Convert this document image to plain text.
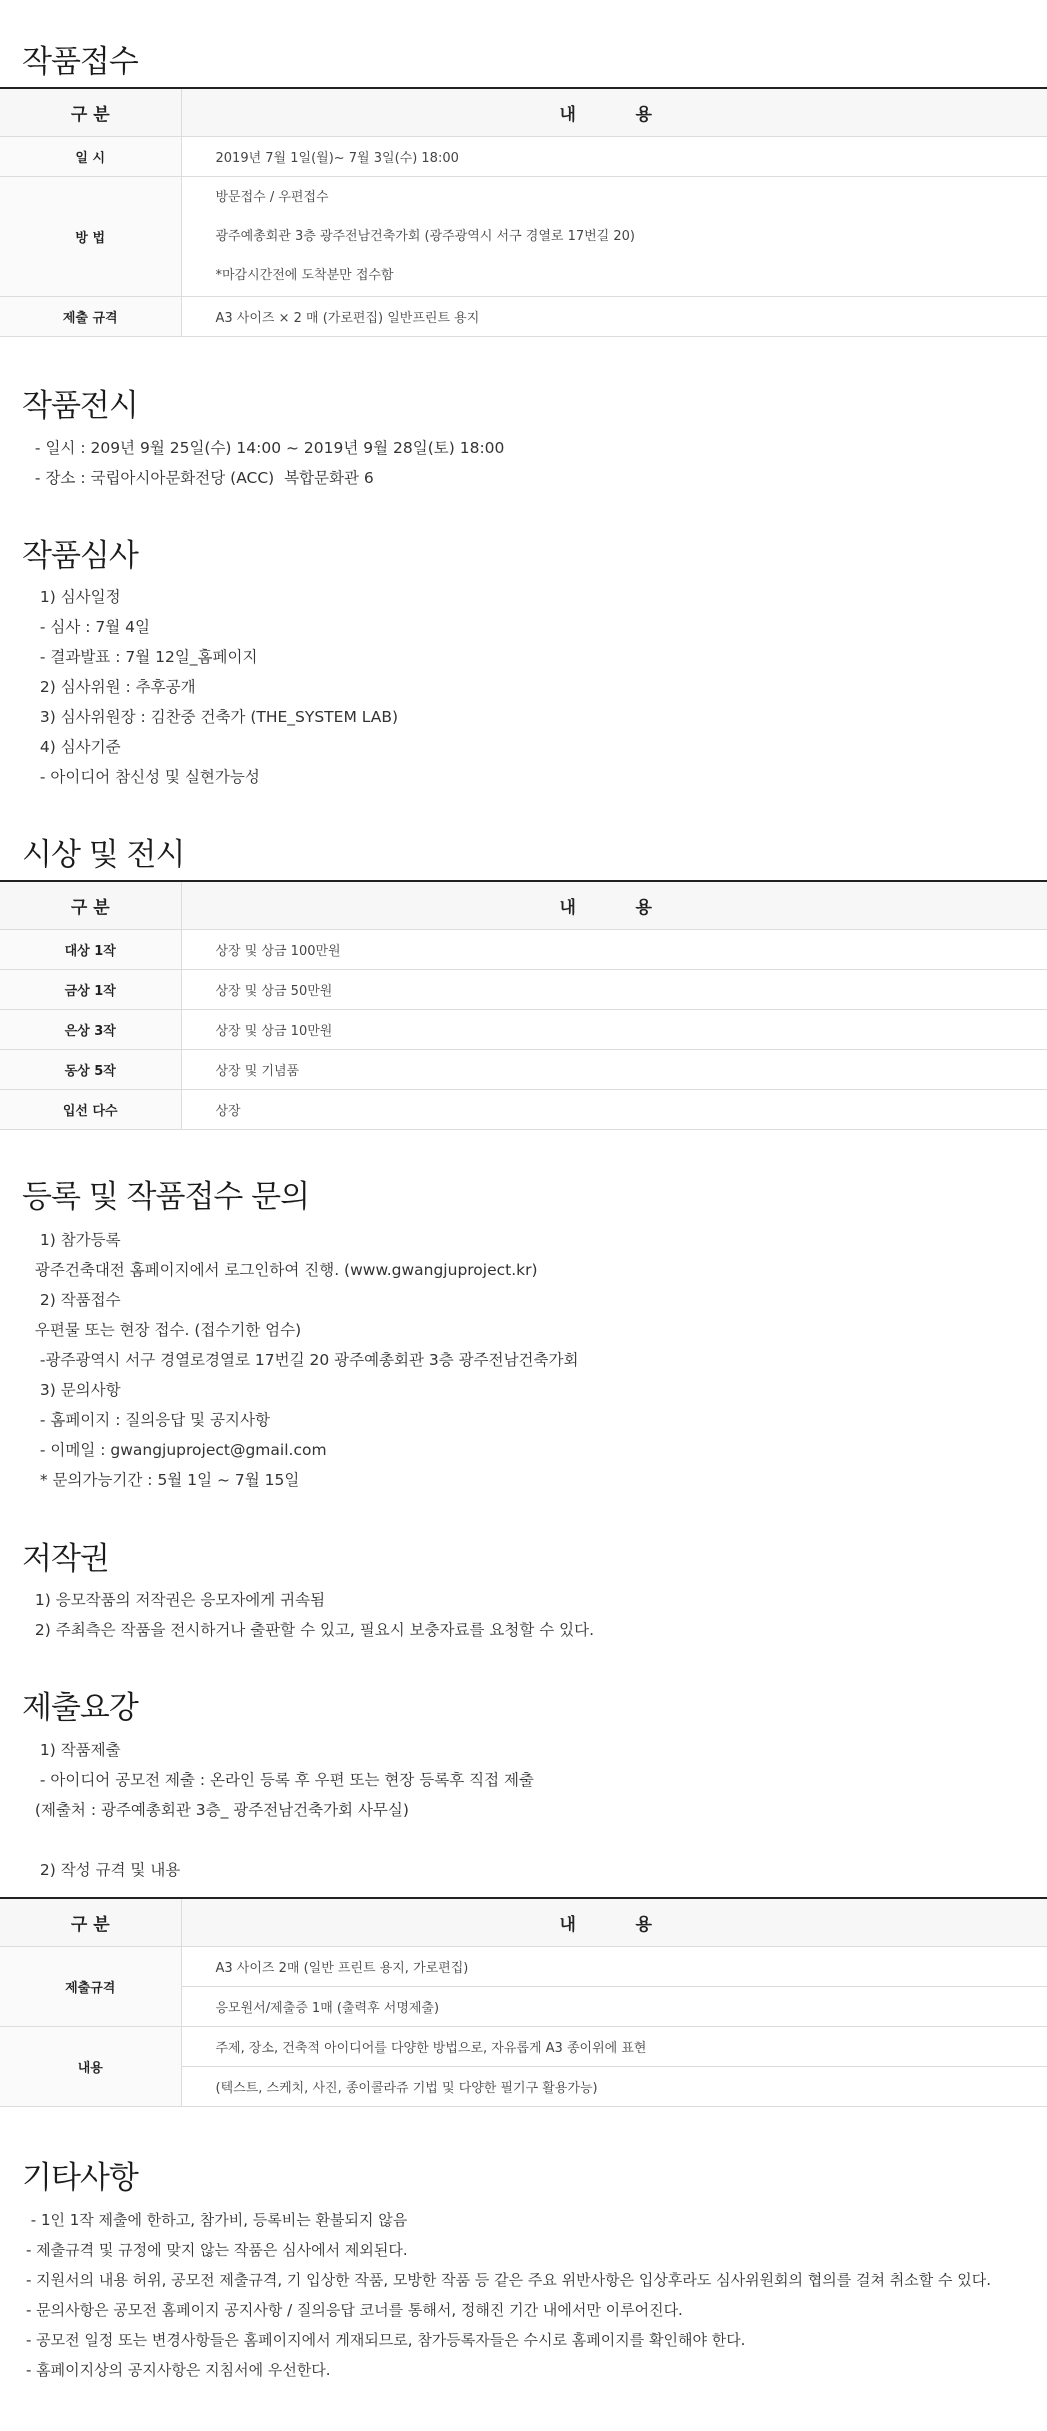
작품접수
구 분	내 용
일 시	2019년 7월 1일(월)~ 7월 3일(수) 18:00
방 법	방문접수 / 우편접수
광주예총회관 3층 광주전남건축가회 (광주광역시 서구 경열로 17번길 20)
*마감시간전에 도착분만 접수함

제출 규격	A3 사이즈 × 2 매 (가로편집) 일반프린트 용지
작품전시
- 일시 : 209년 9월 25일(수) 14:00 ~ 2019년 9월 28일(토) 18:00
- 장소 : 국립아시아문화전당 (ACC)  복합문화관 6
작품심사
1) 심사일정
- 심사 : 7월 4일
- 결과발표 : 7월 12일_홈페이지
2) 심사위원 : 추후공개
3) 심사위원장 : 김찬중 건축가 (THE_SYSTEM LAB)
4) 심사기준
- 아이디어 참신성 및 실현가능성
시상 및 전시
구 분	내 용
대상 1작	상장 및 상금 100만원
금상 1작	상장 및 상금 50만원
은상 3작	상장 및 상금 10만원
동상 5작	상장 및 기념품
입선 다수	상장
등록 및 작품접수 문의
1) 참가등록
광주건축대전 홈페이지에서 로그인하여 진행. (www.gwangjuproject.kr)
2) 작품접수
우편물 또는 현장 접수. (접수기한 엄수)
-광주광역시 서구 경열로경열로 17번길 20 광주예총회관 3층 광주전남건축가회
3) 문의사항
- 홈페이지 : 질의응답 및 공지사항
- 이메일 : gwangjuproject@gmail.com
* 문의가능기간 : 5월 1일 ~ 7월 15일
저작권
1) 응모작품의 저작권은 응모자에게 귀속됨
2) 주최측은 작품을 전시하거나 출판할 수 있고, 필요시 보충자료를 요청할 수 있다.
제출요강
1) 작품제출
- 아이디어 공모전 제출 : 온라인 등록 후 우편 또는 현장 등록후 직접 제출
(제출처 : 광주예총회관 3층_ 광주전남건축가회 사무실)
2) 작성 규격 및 내용
구 분	내 용
제출규격	A3 사이즈 2매 (일반 프린트 용지, 가로편집)
	응모원서/제출증 1매 (출력후 서명제출)
내용	주제, 장소, 건축적 아이디어를 다양한 방법으로, 자유롭게 A3 종이위에 표현
	(텍스트, 스케치, 사진, 종이콜라쥬 기법 및 다양한 필기구 활용가능)
기타사항
- 1인 1작 제출에 한하고, 참가비, 등록비는 환불되지 않음
- 제출규격 및 규정에 맞지 않는 작품은 심사에서 제외된다.
- 지원서의 내용 허위, 공모전 제출규격, 기 입상한 작품, 모방한 작품 등 같은 주요 위반사항은 입상후라도 심사위원회의 협의를 걸쳐 취소할 수 있다.
- 문의사항은 공모전 홈페이지 공지사항 / 질의응답 코너를 통해서, 정해진 기간 내에서만 이루어진다.
- 공모전 일정 또는 변경사항들은 홈페이지에서 게재되므로, 참가등록자들은 수시로 홈페이지를 확인해야 한다.
- 홈페이지상의 공지사항은 지침서에 우선한다.
